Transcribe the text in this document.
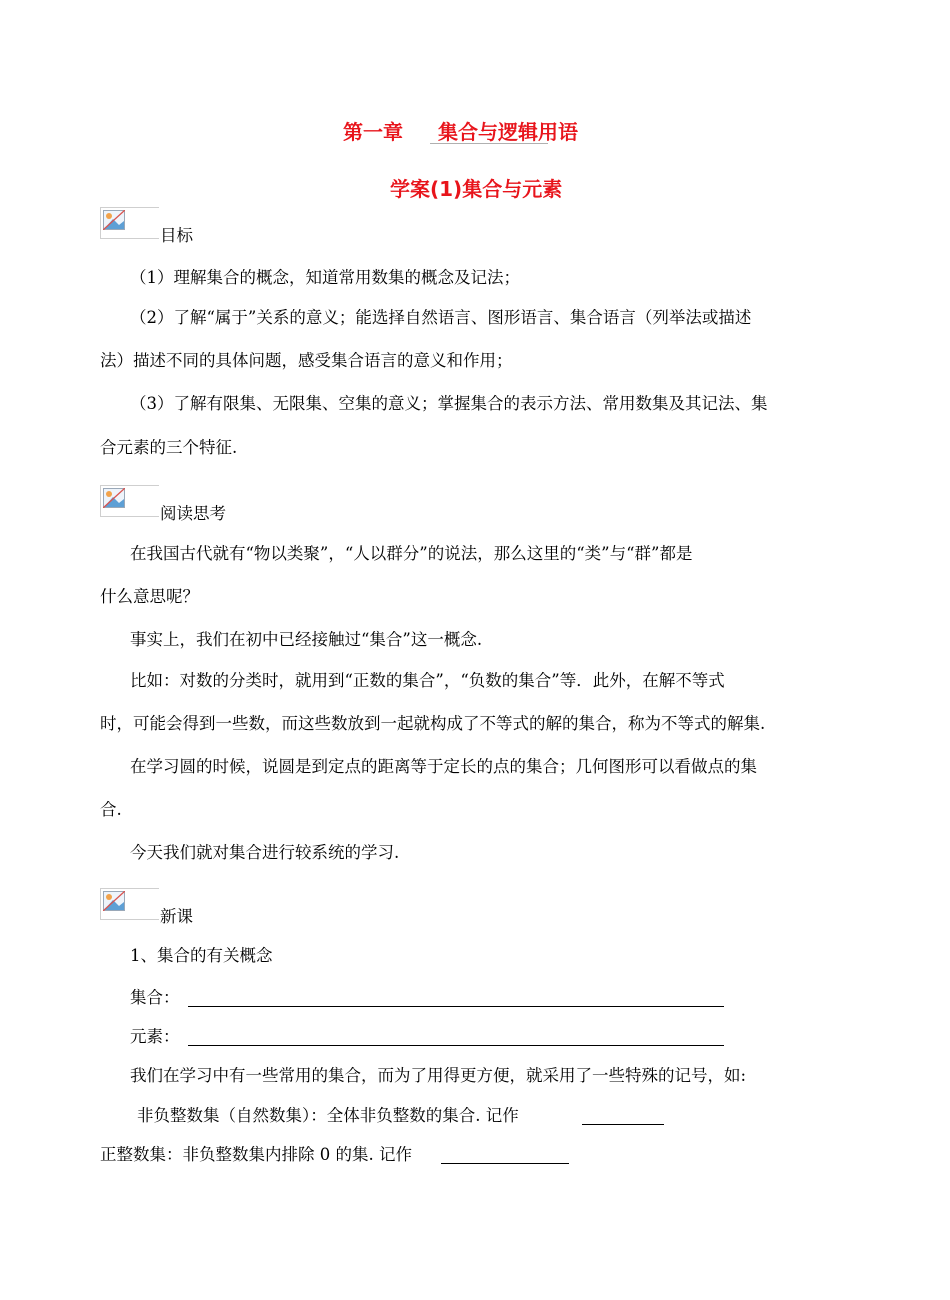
第一章 集合与逻辑用语
学案(1)集合与元素
目标
（1）理解集合的概念，知道常用数集的概念及记法；
（2）了解“属于”关系的意义；能选择自然语言、图形语言、集合语言（列举法或描述
法）描述不同的具体问题，感受集合语言的意义和作用；
（3）了解有限集、无限集、空集的意义；掌握集合的表示方法、常用数集及其记法、集
合元素的三个特征.
阅读思考
在我国古代就有“物以类聚”，“人以群分”的说法，那么这里的“类”与“群”都是
什么意思呢？
事实上，我们在初中已经接触过“集合”这一概念.
比如：对数的分类时，就用到“正数的集合”，“负数的集合”等．此外，在解不等式
时，可能会得到一些数，而这些数放到一起就构成了不等式的解的集合，称为不等式的解集.
在学习圆的时候，说圆是到定点的距离等于定长的点的集合；几何图形可以看做点的集
合.
今天我们就对集合进行较系统的学习.
新课
1、集合的有关概念
集合：
元素：
我们在学习中有一些常用的集合，而为了用得更方便，就采用了一些特殊的记号，如:
非负整数集（自然数集）：全体非负整数的集合. 记作
正整数集：非负整数集内排除 0 的集. 记作
